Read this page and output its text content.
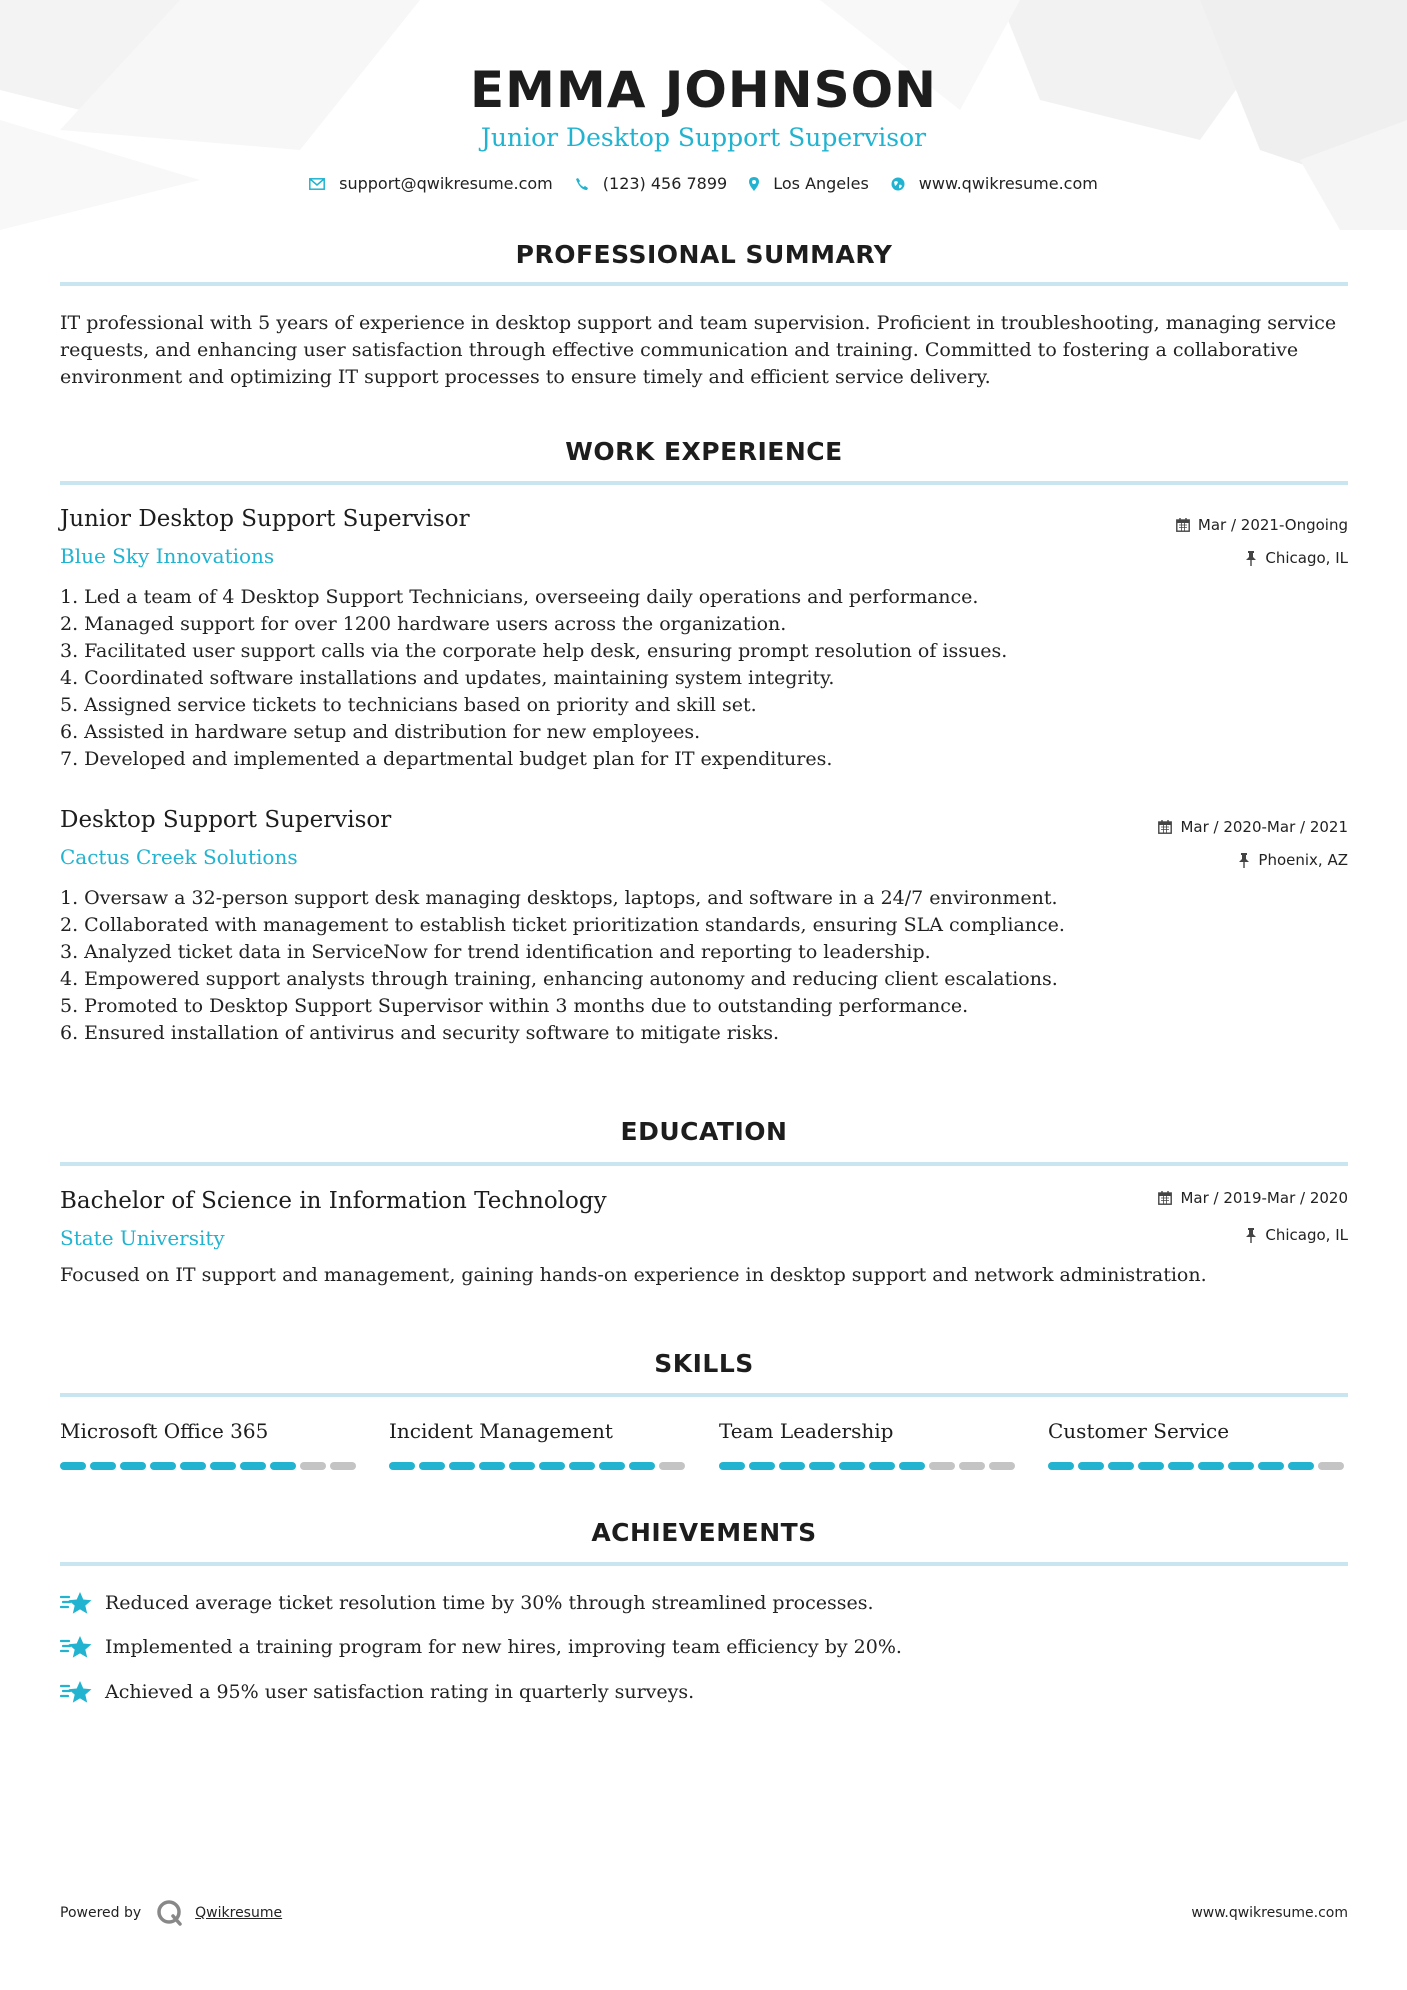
EMMA JOHNSON
Junior Desktop Support Supervisor
support@qwikresume.com	(123) 456 7899	Los Angeles	www.qwikresume.com
PROFESSIONAL SUMMARY
IT professional with 5 years of experience in desktop support and team supervision. Proficient in troubleshooting, managing service requests, and enhancing user satisfaction through effective communication and training. Committed to fostering a collaborative environment and optimizing IT support processes to ensure timely and efficient service delivery.
WORK EXPERIENCE
Junior Desktop Support Supervisor
Blue Sky Innovations
Mar / 2021-Ongoing
Chicago, IL
1. Led a team of 4 Desktop Support Technicians, overseeing daily operations and performance.
2. Managed support for over 1200 hardware users across the organization.
3. Facilitated user support calls via the corporate help desk, ensuring prompt resolution of issues.
4. Coordinated software installations and updates, maintaining system integrity.
5. Assigned service tickets to technicians based on priority and skill set.
6. Assisted in hardware setup and distribution for new employees.
7. Developed and implemented a departmental budget plan for IT expenditures.
Desktop Support Supervisor
Cactus Creek Solutions
Mar / 2020-Mar / 2021
Phoenix, AZ
1. Oversaw a 32-person support desk managing desktops, laptops, and software in a 24/7 environment.
2. Collaborated with management to establish ticket prioritization standards, ensuring SLA compliance.
3. Analyzed ticket data in ServiceNow for trend identification and reporting to leadership.
4. Empowered support analysts through training, enhancing autonomy and reducing client escalations.
5. Promoted to Desktop Support Supervisor within 3 months due to outstanding performance.
6. Ensured installation of antivirus and security software to mitigate risks.
EDUCATION
Bachelor of Science in Information Technology
State University
Mar / 2019-Mar / 2020
Chicago, IL
Focused on IT support and management, gaining hands-on experience in desktop support and network administration.
SKILLS
Microsoft Office 365	Incident Management	Team Leadership	Customer Service
ACHIEVEMENTS
Reduced average ticket resolution time by 30% through streamlined processes.
Implemented a training program for new hires, improving team efficiency by 20%.
Achieved a 95% user satisfaction rating in quarterly surveys.
Powered by	Qwikresume	www.qwikresume.com
